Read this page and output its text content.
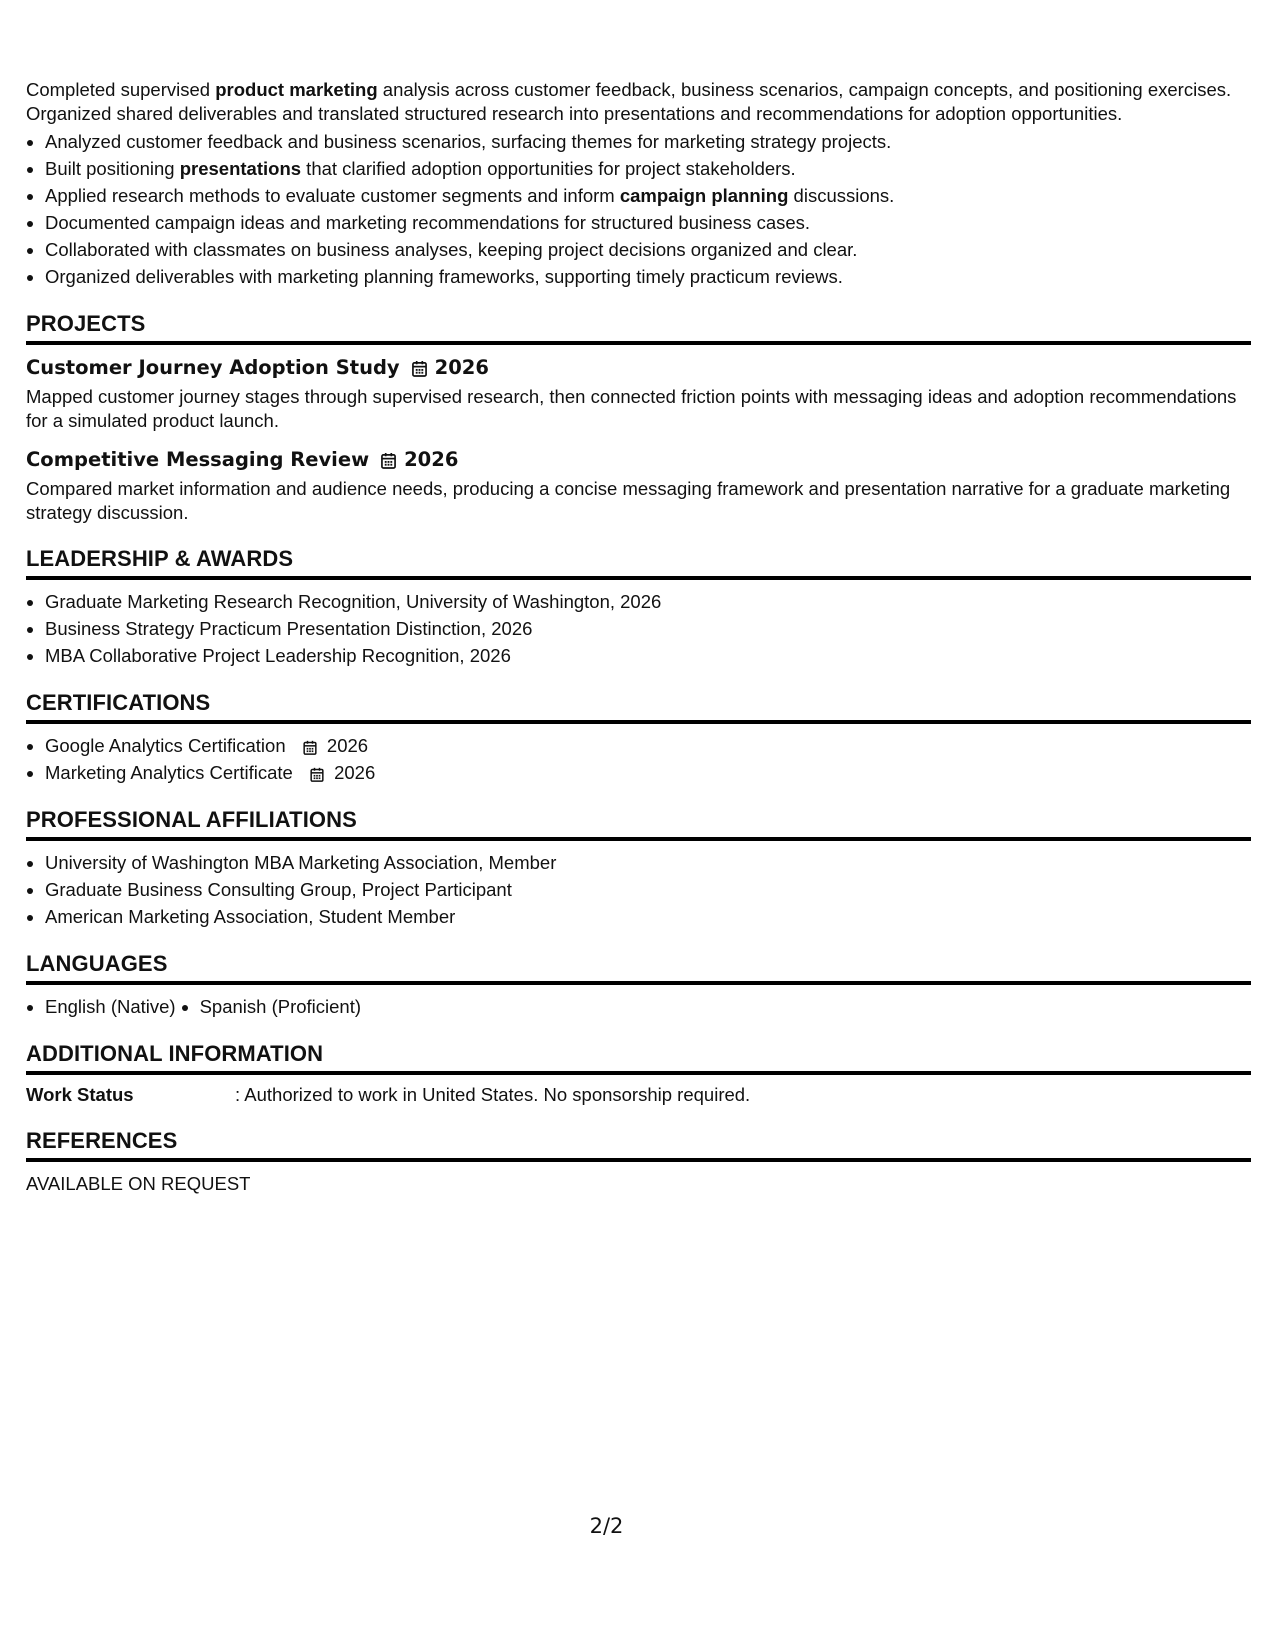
Completed supervised product marketing analysis across customer feedback, business scenarios, campaign concepts, and positioning exercises. Organized shared deliverables and translated structured research into presentations and recommendations for adoption opportunities.

• Analyzed customer feedback and business scenarios, surfacing themes for marketing strategy projects.
• Built positioning presentations that clarified adoption opportunities for project stakeholders.
• Applied research methods to evaluate customer segments and inform campaign planning discussions.
• Documented campaign ideas and marketing recommendations for structured business cases.
• Collaborated with classmates on business analyses, keeping project decisions organized and clear.
• Organized deliverables with marketing planning frameworks, supporting timely practicum reviews.
PROJECTS
Customer Journey Adoption Study 2026
Mapped customer journey stages through supervised research, then connected friction points with messaging ideas and adoption recommendations for a simulated product launch.
Competitive Messaging Review 2026
Compared market information and audience needs, producing a concise messaging framework and presentation narrative for a graduate marketing strategy discussion.
LEADERSHIP & AWARDS
• Graduate Marketing Research Recognition, University of Washington, 2026
• Business Strategy Practicum Presentation Distinction, 2026
• MBA Collaborative Project Leadership Recognition, 2026
CERTIFICATIONS
• Google Analytics Certification 2026
• Marketing Analytics Certificate 2026
PROFESSIONAL AFFILIATIONS
• University of Washington MBA Marketing Association, Member
• Graduate Business Consulting Group, Project Participant
• American Marketing Association, Student Member
LANGUAGES
• English (Native)
• Spanish (Proficient)
ADDITIONAL INFORMATION
Work Status	: Authorized to work in United States. No sponsorship required.
REFERENCES
AVAILABLE ON REQUEST
2/2
